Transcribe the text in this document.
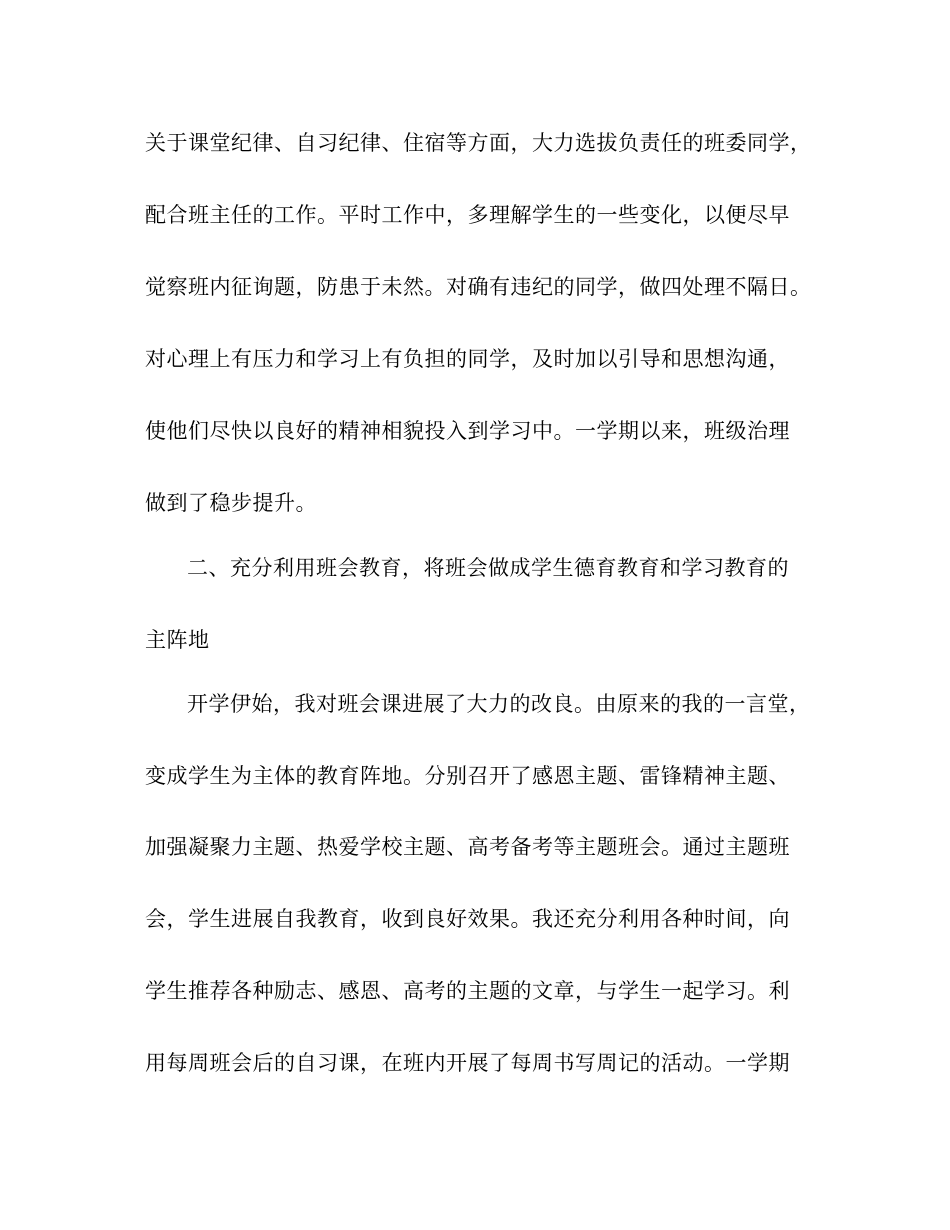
关于课堂纪律、自习纪律、住宿等方面，大力选拔负责任的班委同学，
配合班主任的工作。平时工作中，多理解学生的一些变化，以便尽早
觉察班内征询题，防患于未然。对确有违纪的同学，做四处理不隔日。
对心理上有压力和学习上有负担的同学，及时加以引导和思想沟通，
使他们尽快以良好的精神相貌投入到学习中。一学期以来，班级治理
做到了稳步提升。
二、充分利用班会教育，将班会做成学生德育教育和学习教育的
主阵地
开学伊始，我对班会课进展了大力的改良。由原来的我的一言堂，
变成学生为主体的教育阵地。分别召开了感恩主题、雷锋精神主题、
加强凝聚力主题、热爱学校主题、高考备考等主题班会。通过主题班
会，学生进展自我教育，收到良好效果。我还充分利用各种时间，向
学生推荐各种励志、感恩、高考的主题的文章，与学生一起学习。利
用每周班会后的自习课，在班内开展了每周书写周记的活动。一学期
